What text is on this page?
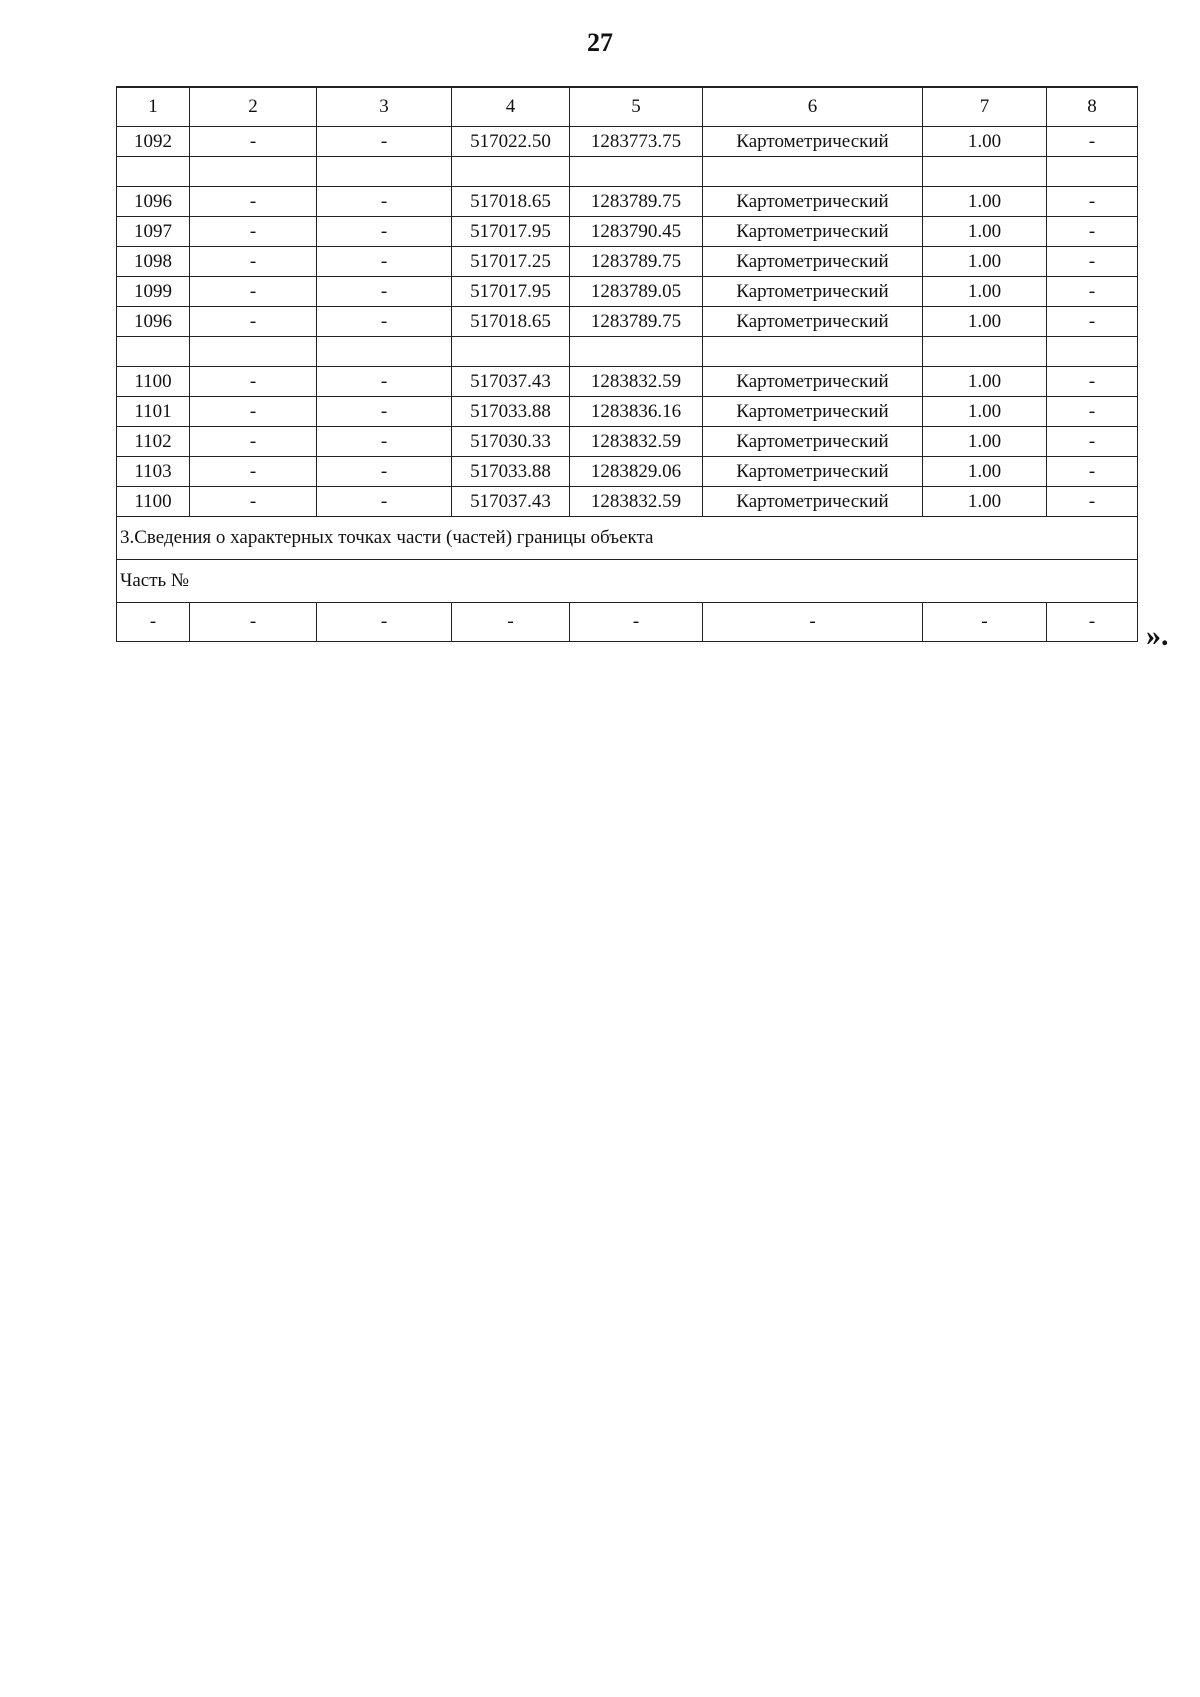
27
1	2	3	4	5	6	7	8
1092	-	-	517022.50	1283773.75	Картометрический	1.00	-

1096	-	-	517018.65	1283789.75	Картометрический	1.00	-
1097	-	-	517017.95	1283790.45	Картометрический	1.00	-
1098	-	-	517017.25	1283789.75	Картометрический	1.00	-
1099	-	-	517017.95	1283789.05	Картометрический	1.00	-
1096	-	-	517018.65	1283789.75	Картометрический	1.00	-

1100	-	-	517037.43	1283832.59	Картометрический	1.00	-
1101	-	-	517033.88	1283836.16	Картометрический	1.00	-
1102	-	-	517030.33	1283832.59	Картометрический	1.00	-
1103	-	-	517033.88	1283829.06	Картометрический	1.00	-
1100	-	-	517037.43	1283832.59	Картометрический	1.00	-
3.Сведения о характерных точках части (частей) границы объекта							
Часть №							
-	-	-	-	-	-	-	- ».
